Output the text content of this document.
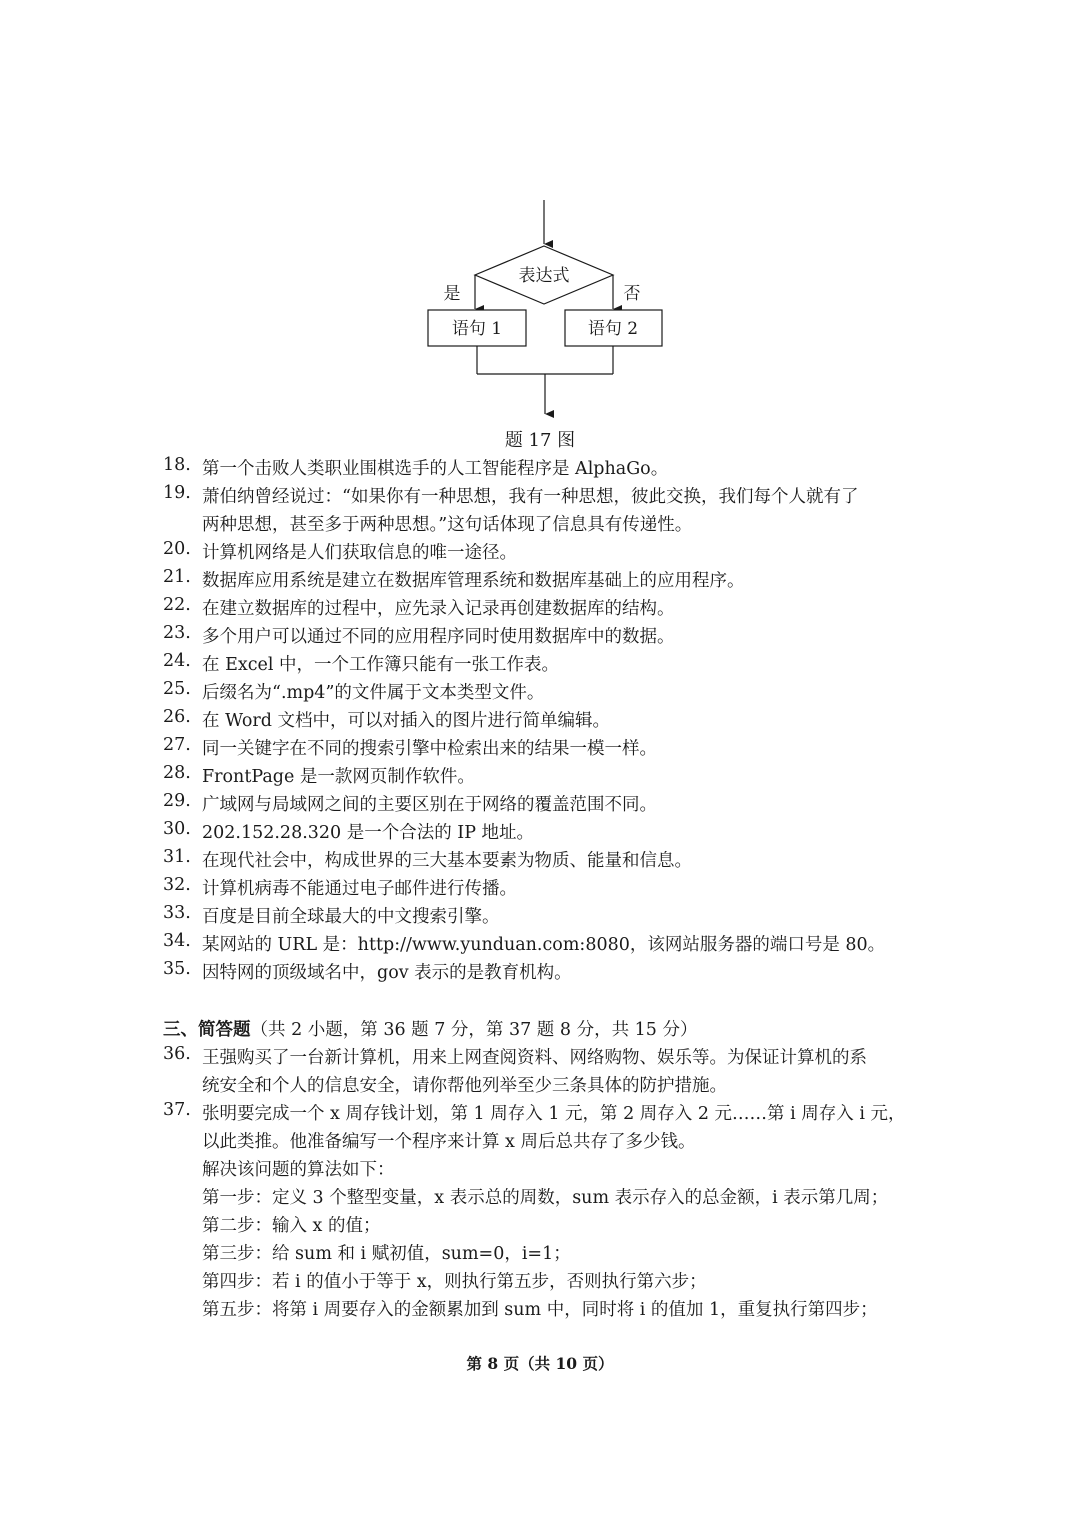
表达式
是	否
语句 1	语句 2
题 17 图
18. 第一个击败人类职业围棋选手的人工智能程序是 AlphaGo。
19. 萧伯纳曾经说过：“如果你有一种思想，我有一种思想，彼此交换，我们每个人就有了
两种思想，甚至多于两种思想。”这句话体现了信息具有传递性。
20. 计算机网络是人们获取信息的唯一途径。
21. 数据库应用系统是建立在数据库管理系统和数据库基础上的应用程序。
22. 在建立数据库的过程中，应先录入记录再创建数据库的结构。
23. 多个用户可以通过不同的应用程序同时使用数据库中的数据。
24. 在 Excel 中，一个工作簿只能有一张工作表。
25. 后缀名为“.mp4”的文件属于文本类型文件。
26. 在 Word 文档中，可以对插入的图片进行简单编辑。
27. 同一关键字在不同的搜索引擎中检索出来的结果一模一样。
28. FrontPage 是一款网页制作软件。
29. 广域网与局域网之间的主要区别在于网络的覆盖范围不同。
30. 202.152.28.320 是一个合法的 IP 地址。
31. 在现代社会中，构成世界的三大基本要素为物质、能量和信息。
32. 计算机病毒不能通过电子邮件进行传播。
33. 百度是目前全球最大的中文搜索引擎。
34. 某网站的 URL 是：http://www.yunduan.com:8080，该网站服务器的端口号是 80。
35. 因特网的顶级域名中，gov 表示的是教育机构。
三、简答题（共 2 小题，第 36 题 7 分，第 37 题 8 分，共 15 分）
36. 王强购买了一台新计算机，用来上网查阅资料、网络购物、娱乐等。为保证计算机的系
统安全和个人的信息安全，请你帮他列举至少三条具体的防护措施。
37. 张明要完成一个 x 周存钱计划，第 1 周存入 1 元，第 2 周存入 2 元……第 i 周存入 i 元，
以此类推。他准备编写一个程序来计算 x 周后总共存了多少钱。
解决该问题的算法如下：
第一步：定义 3 个整型变量，x 表示总的周数，sum 表示存入的总金额，i 表示第几周；
第二步：输入 x 的值；
第三步：给 sum 和 i 赋初值，sum=0，i=1；
第四步：若 i 的值小于等于 x，则执行第五步，否则执行第六步；
第五步：将第 i 周要存入的金额累加到 sum 中，同时将 i 的值加 1，重复执行第四步；
第 8 页（共 10 页）
